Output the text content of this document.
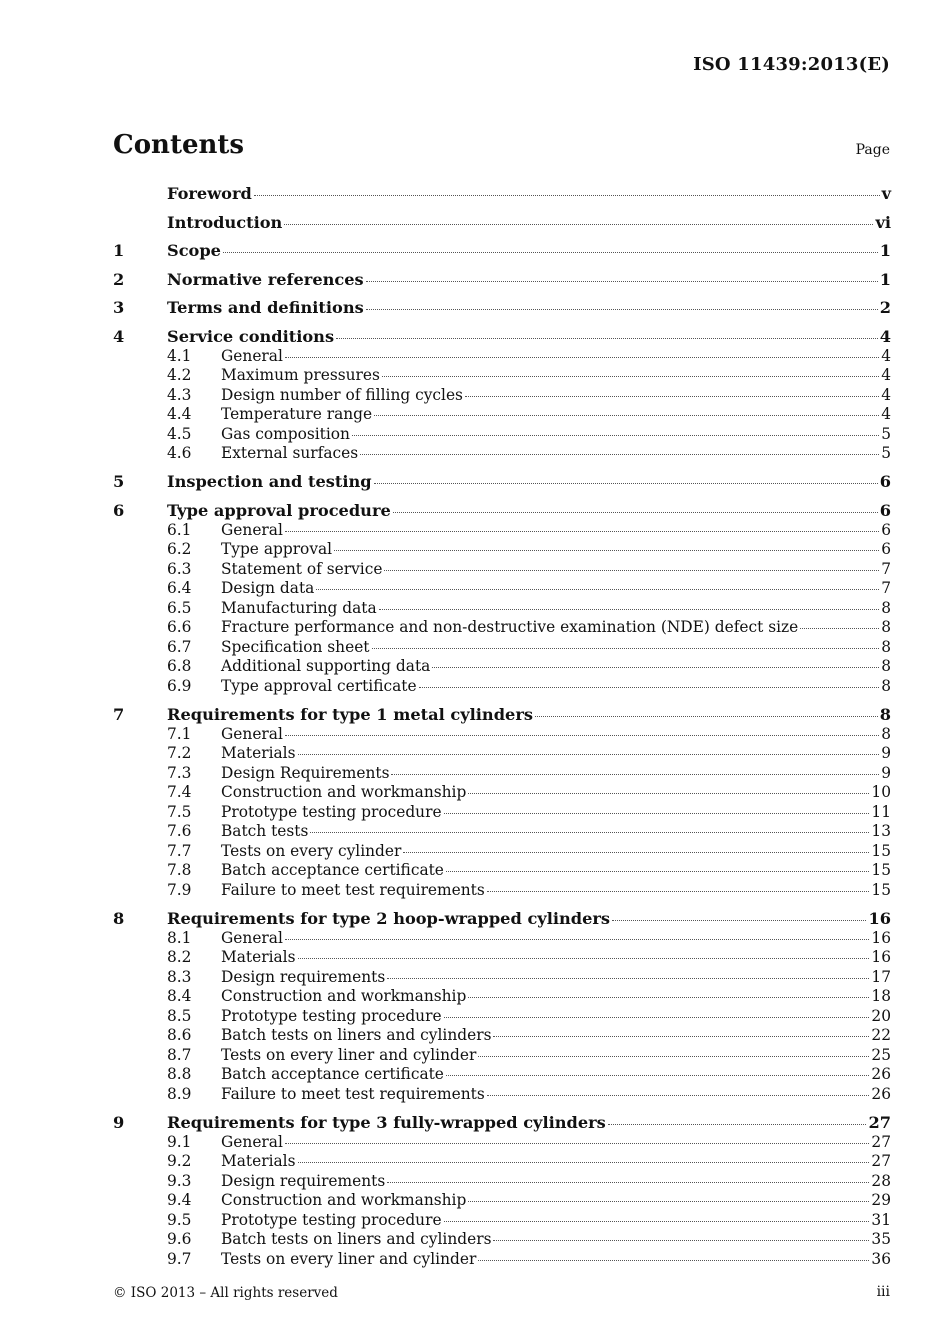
ISO 11439:2013(E)
Contents	Page
Foreword	v
Introduction	vi
1	Scope	1
2	Normative references	1
3	Terms and definitions	2
4	Service conditions	4
4.1	General	4
4.2	Maximum pressures	4
4.3	Design number of filling cycles	4
4.4	Temperature range	4
4.5	Gas composition	5
4.6	External surfaces	5
5	Inspection and testing	6
6	Type approval procedure	6
6.1	General	6
6.2	Type approval	6
6.3	Statement of service	7
6.4	Design data	7
6.5	Manufacturing data	8
6.6	Fracture performance and non-destructive examination (NDE) defect size	8
6.7	Specification sheet	8
6.8	Additional supporting data	8
6.9	Type approval certificate	8
7	Requirements for type 1 metal cylinders	8
7.1	General	8
7.2	Materials	9
7.3	Design Requirements	9
7.4	Construction and workmanship	10
7.5	Prototype testing procedure	11
7.6	Batch tests	13
7.7	Tests on every cylinder	15
7.8	Batch acceptance certificate	15
7.9	Failure to meet test requirements	15
8	Requirements for type 2 hoop-wrapped cylinders	16
8.1	General	16
8.2	Materials	16
8.3	Design requirements	17
8.4	Construction and workmanship	18
8.5	Prototype testing procedure	20
8.6	Batch tests on liners and cylinders	22
8.7	Tests on every liner and cylinder	25
8.8	Batch acceptance certificate	26
8.9	Failure to meet test requirements	26
9	Requirements for type 3 fully-wrapped cylinders	27
9.1	General	27
9.2	Materials	27
9.3	Design requirements	28
9.4	Construction and workmanship	29
9.5	Prototype testing procedure	31
9.6	Batch tests on liners and cylinders	35
9.7	Tests on every liner and cylinder	36
© ISO 2013 – All rights reserved	iii
